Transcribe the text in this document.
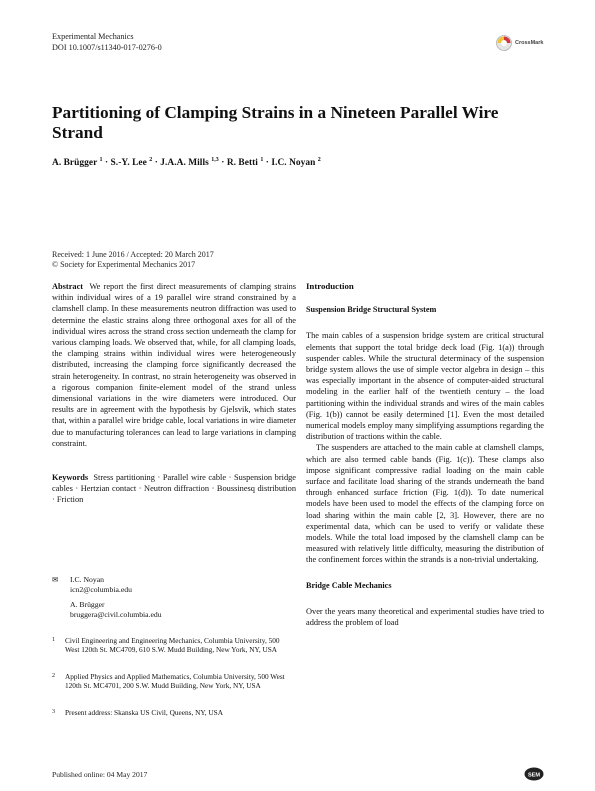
Experimental Mechanics
DOI 10.1007/s11340-017-0276-0	CrossMark
Partitioning of Clamping Strains in a Nineteen Parallel Wire Strand
A. Brügger $^1$ · S.-Y. Lee $^2$ · J.A.A. Mills $^{1,3}$ · R. Betti $^1$ · I.C. Noyan $^2$
Received: 1 June 2016 / Accepted: 20 March 2017
© Society for Experimental Mechanics 2017

Abstract We report the first direct measurements of clamping strains within individual wires of a 19 parallel wire strand constrained by a clamshell clamp. In these measurements neutron diffraction was used to determine the elastic strains along three orthogonal axes for all of the individual wires across the strand cross section underneath the clamp for various clamping loads. We observed that, while, for all clamping loads, the clamping strains within individual wires were heterogeneously distributed, increasing the clamping force significantly decreased the strain heterogeneity. In contrast, no strain heterogeneity was observed in a rigorous companion finite-element model of the strand unless dimensional variations in the wire diameters were introduced. Our results are in agreement with the hypothesis by Gjelsvik, which states that, within a parallel wire bridge cable, local variations in wire diameter due to manufacturing tolerances can lead to large variations in clamping constraint.

Keywords Stress partitioning · Parallel wire cable · Suspension bridge cables · Hertzian contact · Neutron diffraction · Boussinesq distribution · Friction

✉	I.C. Noyan
icn2@columbia.edu
A. Brügger
bruggera@civil.columbia.edu
1	Civil Engineering and Engineering Mechanics, Columbia University, 500 West 120th St. MC4709, 610 S.W. Mudd Building, New York, NY, USA
2	Applied Physics and Applied Mathematics, Columbia University, 500 West 120th St. MC4701, 200 S.W. Mudd Building, New York, NY, USA
3	Present address: Skanska US Civil, Queens, NY, USA
Introduction
Suspension Bridge Structural System

The main cables of a suspension bridge system are critical structural elements that support the total bridge deck load (Fig. 1(a)) through suspender cables. While the structural determinacy of the suspension bridge system allows the use of simple vector algebra in design – this was especially important in the absence of computer-aided structural modeling in the earlier half of the twentieth century – the load partitioning within the individual strands and wires of the main cables (Fig. 1(b)) cannot be easily determined [1]. Even the most detailed numerical models employ many simplifying assumptions regarding the distribution of tractions within the cable.

The suspenders are attached to the main cable at clamshell clamps, which are also termed cable bands (Fig. 1(c)). These clamps also impose significant compressive radial loading on the main cable surface and facilitate load sharing of the strands underneath the band through enhanced surface friction (Fig. 1(d)). To date numerical models have been used to model the effects of the clamping force on load sharing within the main cable [2, 3]. However, there are no experimental data, which can be used to verify or validate these models. While the total load imposed by the clamshell clamp can be measured with relatively little difficulty, measuring the distribution of the confinement forces within the strands is a non-trivial undertaking.

Bridge Cable Mechanics

Over the years many theoretical and experimental studies have tried to address the problem of load

Published online: 04 May 2017	SEM
